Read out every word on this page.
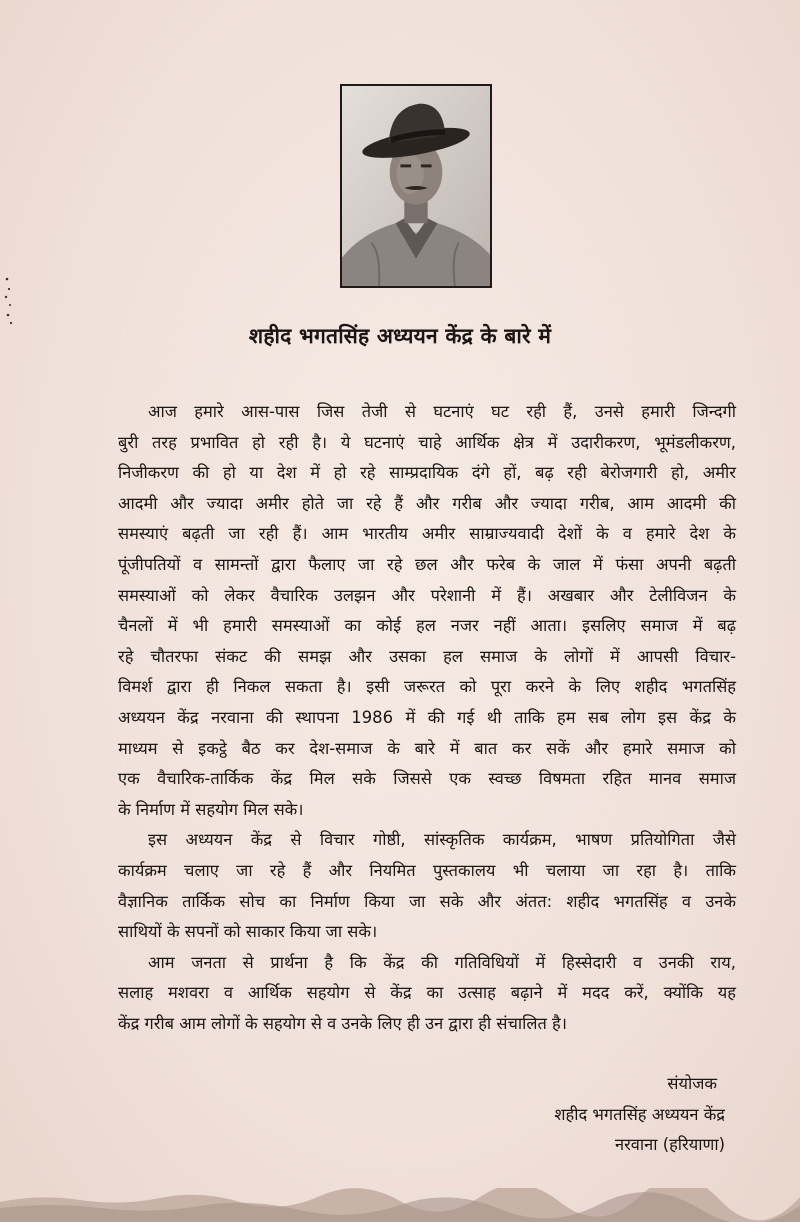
शहीद भगतसिंह अध्ययन केंद्र के बारे में
आज हमारे आस-पास जिस तेजी से घटनाएं घट रही हैं, उनसे हमारी जिन्दगी
बुरी तरह प्रभावित हो रही है। ये घटनाएं चाहे आर्थिक क्षेत्र में उदारीकरण, भूमंडलीकरण,
निजीकरण की हो या देश में हो रहे साम्प्रदायिक दंगे हों, बढ़ रही बेरोजगारी हो, अमीर
आदमी और ज्यादा अमीर होते जा रहे हैं और गरीब और ज्यादा गरीब, आम आदमी की
समस्याएं बढ़ती जा रही हैं। आम भारतीय अमीर साम्राज्यवादी देशों के व हमारे देश के
पूंजीपतियों व सामन्तों द्वारा फैलाए जा रहे छल और फरेब के जाल में फंसा अपनी बढ़ती
समस्याओं को लेकर वैचारिक उलझन और परेशानी में हैं। अखबार और टेलीविजन के
चैनलों में भी हमारी समस्याओं का कोई हल नजर नहीं आता। इसलिए समाज में बढ़
रहे चौतरफा संकट की समझ और उसका हल समाज के लोगों में आपसी विचार-
विमर्श द्वारा ही निकल सकता है। इसी जरूरत को पूरा करने के लिए शहीद भगतसिंह
अध्ययन केंद्र नरवाना की स्थापना 1986 में की गई थी ताकि हम सब लोग इस केंद्र के
माध्यम से इकट्ठे बैठ कर देश-समाज के बारे में बात कर सकें और हमारे समाज को
एक वैचारिक-तार्किक केंद्र मिल सके जिससे एक स्वच्छ विषमता रहित मानव समाज
के निर्माण में सहयोग मिल सके।
इस अध्ययन केंद्र से विचार गोष्ठी, सांस्कृतिक कार्यक्रम, भाषण प्रतियोगिता जैसे
कार्यक्रम चलाए जा रहे हैं और नियमित पुस्तकालय भी चलाया जा रहा है। ताकि
वैज्ञानिक तार्किक सोच का निर्माण किया जा सके और अंतत: शहीद भगतसिंह व उनके
साथियों के सपनों को साकार किया जा सके।
आम जनता से प्रार्थना है कि केंद्र की गतिविधियों में हिस्सेदारी व उनकी राय,
सलाह मशवरा व आर्थिक सहयोग से केंद्र का उत्साह बढ़ाने में मदद करें, क्योंकि यह
केंद्र गरीब आम लोगों के सहयोग से व उनके लिए ही उन द्वारा ही संचालित है।
संयोजक
शहीद भगतसिंह अध्ययन केंद्र
नरवाना (हरियाणा)
